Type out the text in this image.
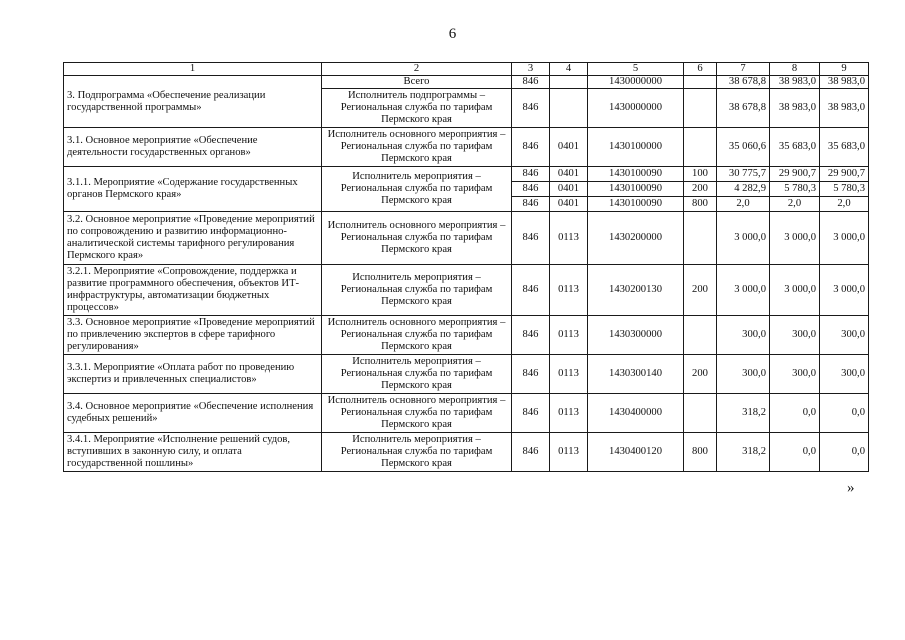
6
1	2	3	4	5	6	7	8	9
3. Подпрограмма «Обеспечение реализации государственной программы»	Всего	846		1430000000		38 678,8	38 983,0	38 983,0
	Исполнитель подпрограммы – Региональная служба по тарифам Пермского края	846		1430000000		38 678,8	38 983,0	38 983,0
3.1. Основное мероприятие «Обеспечение деятельности государственных органов»	Исполнитель основного мероприятия – Региональная служба по тарифам Пермского края	846	0401	1430100000		35 060,6	35 683,0	35 683,0
3.1.1. Мероприятие «Содержание государственных органов Пермского края»	Исполнитель мероприятия – Региональная служба по тарифам Пермского края	846	0401	1430100090	100	30 775,7	29 900,7	29 900,7
		846	0401	1430100090	200	4 282,9	5 780,3	5 780,3
		846	0401	1430100090	800	2,0	2,0	2,0
3.2. Основное мероприятие «Проведение мероприятий по сопровождению и развитию информационно-аналитической системы тарифного регулирования Пермского края»	Исполнитель основного мероприятия – Региональная служба по тарифам Пермского края	846	0113	1430200000		3 000,0	3 000,0	3 000,0
3.2.1. Мероприятие «Сопровождение, поддержка и развитие программного обеспечения, объектов ИТ-инфраструктуры, автоматизации бюджетных процессов»	Исполнитель мероприятия – Региональная служба по тарифам Пермского края	846	0113	1430200130	200	3 000,0	3 000,0	3 000,0
3.3. Основное мероприятие «Проведение мероприятий по привлечению экспертов в сфере тарифного регулирования»	Исполнитель основного мероприятия – Региональная служба по тарифам Пермского края	846	0113	1430300000		300,0	300,0	300,0
3.3.1. Мероприятие «Оплата работ по проведению экспертиз и привлеченных специалистов»	Исполнитель мероприятия – Региональная служба по тарифам Пермского края	846	0113	1430300140	200	300,0	300,0	300,0
3.4. Основное мероприятие «Обеспечение исполнения судебных решений»	Исполнитель основного мероприятия – Региональная служба по тарифам Пермского края	846	0113	1430400000		318,2	0,0	0,0
3.4.1. Мероприятие «Исполнение решений судов, вступивших в законную силу, и оплата государственной пошлины»	Исполнитель мероприятия – Региональная служба по тарифам Пермского края	846	0113	1430400120	800	318,2	0,0	0,0
»
